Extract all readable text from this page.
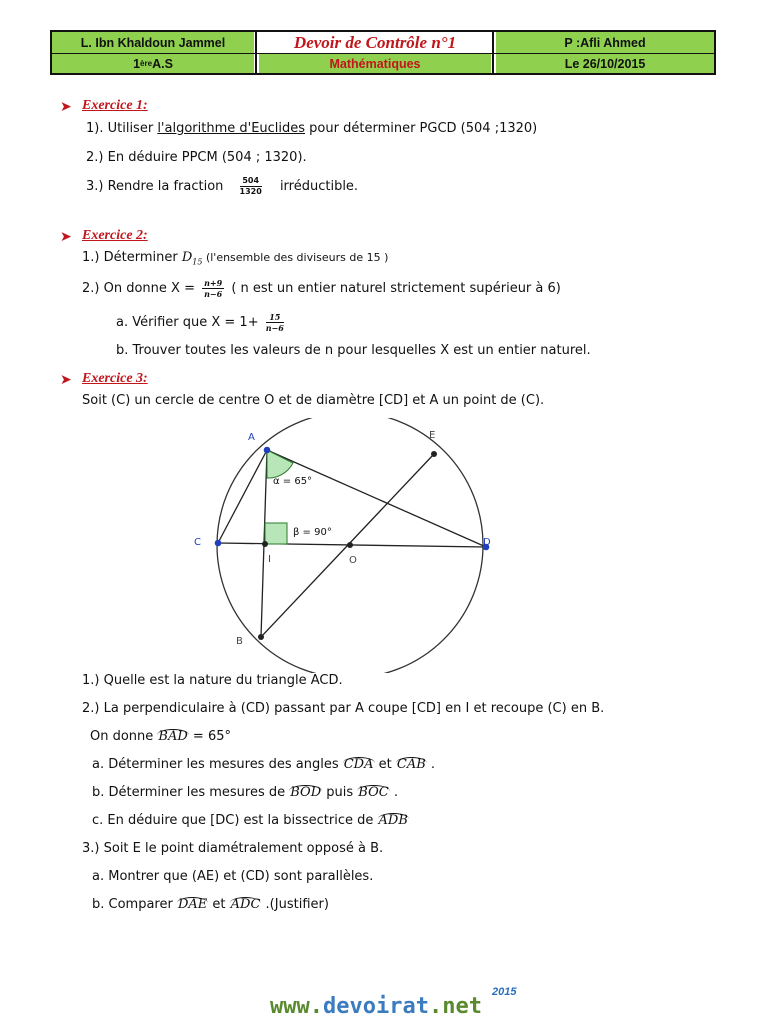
L. Ibn Khaldoun Jammel
1 ère A.S
Devoir de Contrôle n°1
Mathématiques
P :Afli Ahmed
Le 26/10/2015
➤ Exercice 1:
1). Utiliser l'algorithme d'Euclides pour déterminer PGCD (504 ;1320)
2.) En déduire PPCM (504 ; 1320).
3.) Rendre la fraction $\frac{504}{1320}$ irréductible.
➤ Exercice 2:
1.) Déterminer $D_{15}$ (l'ensemble des diviseurs de 15 )
2.) On donne $X = \frac{n+9}{n-6}$ ( n est un entier naturel strictement supérieur à 6)
a. Vérifier que $X = 1+ \frac{15}{n-6}$
b. Trouver toutes les valeurs de n pour lesquelles X est un entier naturel.
➤ Exercice 3:
Soit (C) un cercle de centre O et de diamètre [CD] et A un point de (C).
α = 65°
β = 90°
A
B
C	D
E
I	O
1.) Quelle est la nature du triangle ACD.
2.) La perpendiculaire à (CD) passant par A coupe [CD] en I et recoupe (C) en B.
On donne BAD = 65°
a. Déterminer les mesures des angles CDA et CAB .
b. Déterminer les mesures de BOD puis BOC .
c. En déduire que [DC) est la bissectrice de ADB
3.) Soit E le point diamétralement opposé à B.
a. Montrer que (AE) et (CD) sont parallèles.
b. Comparer DAE et ADC .(Justifier)
www.devoirat.net
2015
